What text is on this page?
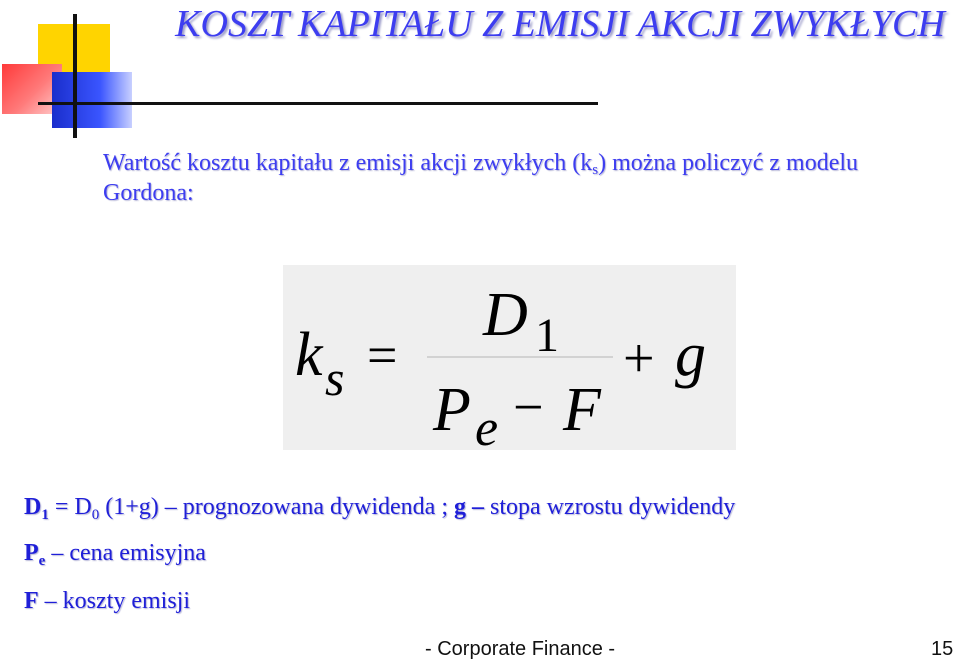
KOSZT KAPITAŁU Z EMISJI AKCJI ZWYKŁYCH

Wartość kosztu kapitału z emisji akcji zwykłych $(k_s)$ można policzyć z modelu Gordona:

k s =
D 1
P e − F
+ g

$D_1 = D_0$ (1+g) – prognozowana dywidenda ; g – stopa wzrostu dywidendy

$P_e$ – cena emisyjna

F – koszty emisji

- Corporate Finance -	15
